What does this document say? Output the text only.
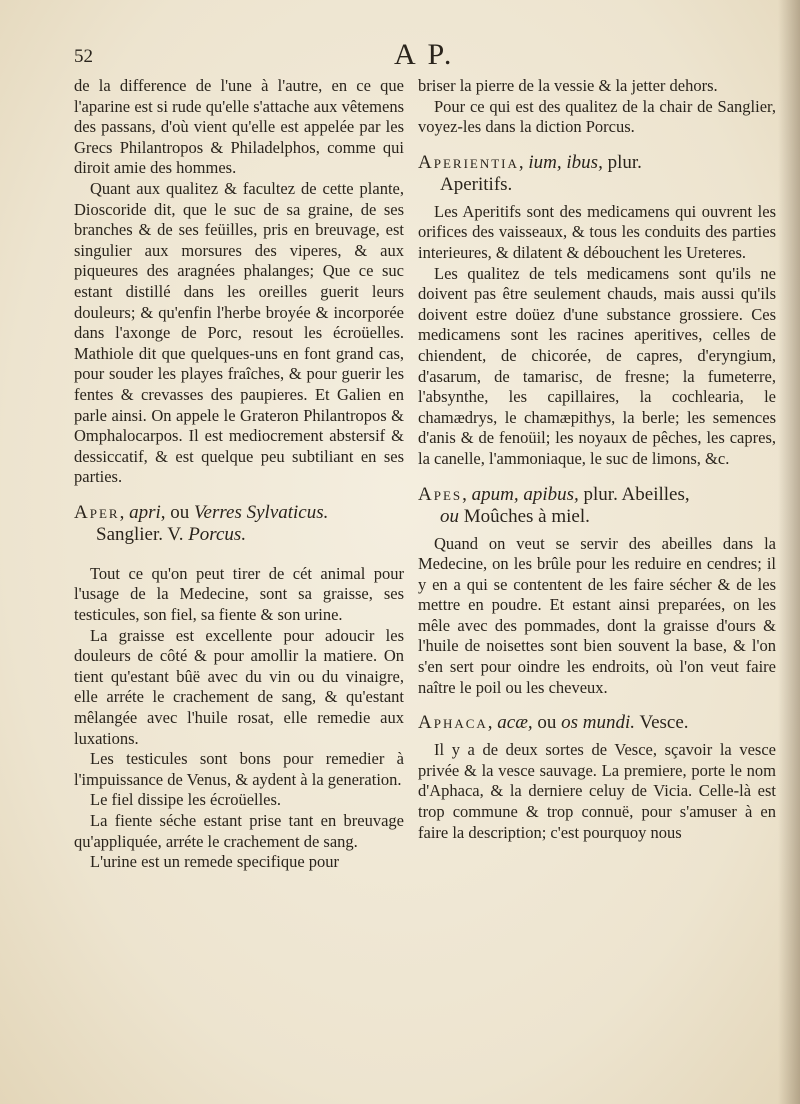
52	A P.

de la difference de l'une à l'autre, en ce que l'aparine est si rude qu'elle s'attache aux vêtemens des passans, d'où vient qu'elle est appelée par les Grecs Philantropos & Philadelphos, comme qui diroit amie des hommes.

Quant aux qualitez & facultez de cette plante, Dioscoride dit, que le suc de sa graine, de ses branches & de ses feüilles, pris en breuvage, est singulier aux morsures des viperes, & aux piqueures des aragnées phalanges; Que ce suc estant distillé dans les oreilles guerit leurs douleurs; & qu'enfin l'herbe broyée & incorporée dans l'axonge de Porc, resout les écroüelles. Mathiole dit que quelques-uns en font grand cas, pour souder les playes fraîches, & pour guerir les fentes & crevasses des paupieres. Et Galien en parle ainsi. On appele le Grateron Philantropos & Omphalocarpos. Il est mediocrement abstersif & dessiccatif, & est quelque peu subtiliant en ses parties.

Aper, apri, ou Verres Sylvaticus.
Sanglier. V. Porcus.

Tout ce qu'on peut tirer de cét animal pour l'usage de la Medecine, sont sa graisse, ses testicules, son fiel, sa fiente & son urine.

La graisse est excellente pour adoucir les douleurs de côté & pour amollir la matiere. On tient qu'estant bûë avec du vin ou du vinaigre, elle arréte le crachement de sang, & qu'estant mêlangée avec l'huile rosat, elle remedie aux luxations.

Les testicules sont bons pour remedier à l'impuissance de Venus, & aydent à la generation.

Le fiel dissipe les écroüelles.

La fiente séche estant prise tant en breuvage qu'appliquée, arréte le crachement de sang.

L'urine est un remede specifique pour

briser la pierre de la vessie & la jetter dehors.

Pour ce qui est des qualitez de la chair de Sanglier, voyez-les dans la diction Porcus.

Aperientia, ium, ibus, plur.
Aperitifs.

Les Aperitifs sont des medicamens qui ouvrent les orifices des vaisseaux, & tous les conduits des parties interieures, & dilatent & débouchent les Ureteres.

Les qualitez de tels medicamens sont qu'ils ne doivent pas être seulement chauds, mais aussi qu'ils doivent estre doüez d'une substance grossiere. Ces medicamens sont les racines aperitives, celles de chiendent, de chicorée, de capres, d'eryngium, d'asarum, de tamarisc, de fresne; la fumeterre, l'absynthe, les capillaires, la cochlearia, le chamædrys, le chamæpithys, la berle; les semences d'anis & de fenoüil; les noyaux de pêches, les capres, la canelle, l'ammoniaque, le suc de limons, &c.

Apes, apum, apibus, plur. Abeilles,
ou Moûches à miel.

Quand on veut se servir des abeilles dans la Medecine, on les brûle pour les reduire en cendres; il y en a qui se contentent de les faire sécher & de les mettre en poudre. Et estant ainsi preparées, on les mêle avec des pommades, dont la graisse d'ours & l'huile de noisettes sont bien souvent la base, & l'on s'en sert pour oindre les endroits, où l'on veut faire naître le poil ou les cheveux.

Aphaca, acæ, ou os mundi. Vesce.

Il y a de deux sortes de Vesce, sçavoir la vesce privée & la vesce sauvage. La premiere, porte le nom d'Aphaca, & la derniere celuy de Vicia. Celle-là est trop commune & trop connuë, pour s'amuser à en faire la description; c'est pourquoy nous
